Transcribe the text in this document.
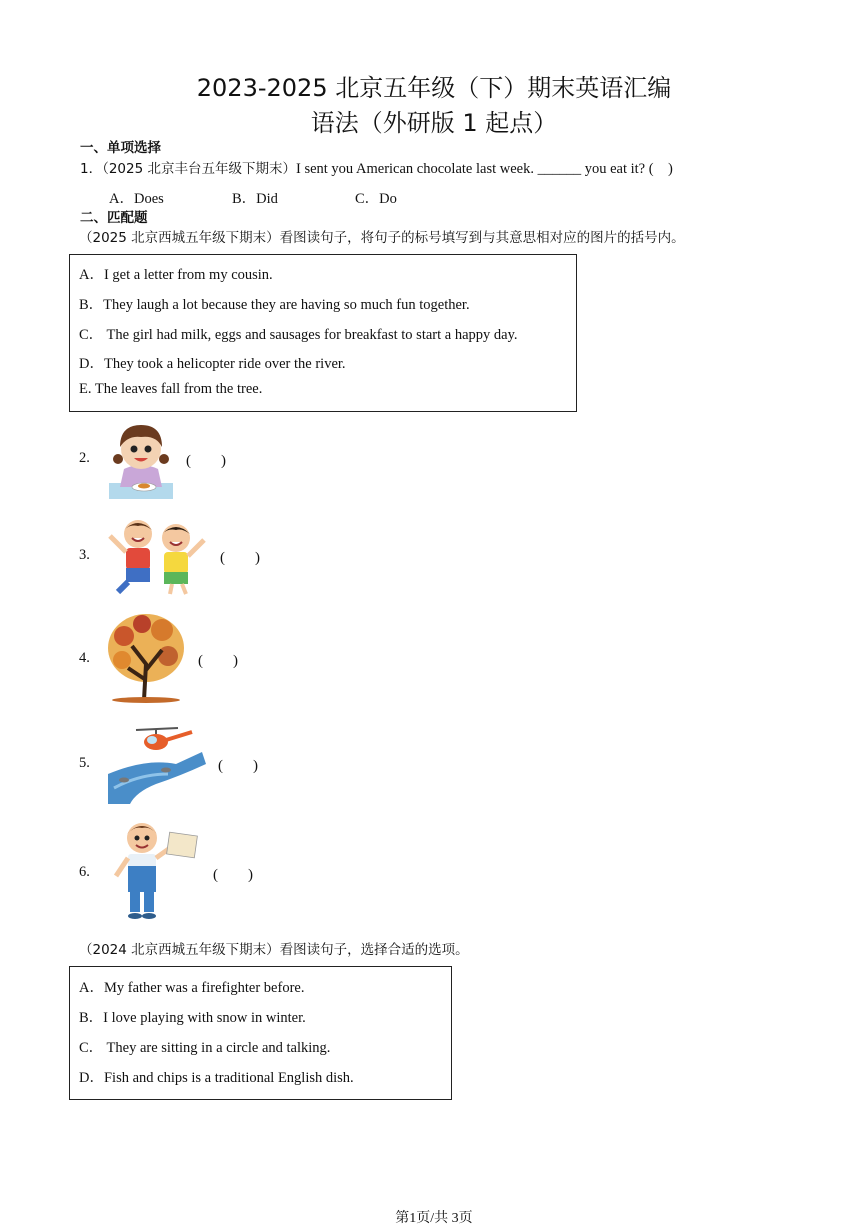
2023-2025 北京五年级（下）期末英语汇编
语法（外研版 1 起点）
一、单项选择
1．（2025 北京丰台五年级下期末）I sent you American chocolate last week. ______ you eat it? (　)
A．Does	B．Did	C．Do
二、匹配题
（2025 北京西城五年级下期末）看图读句子，将句子的标号填写到与其意思相对应的图片的括号内。
A．I get a letter from my cousin.
B．They laugh a lot because they are having so much fun together.
C． The girl had milk, eggs and sausages for breakfast to start a happy day.
D．They took a helicopter ride over the river.
E. The leaves fall from the tree.
2.	(　　)
3.	(　　)
4.	(　　)
5.	(　　)
6.	(　　)
（2024 北京西城五年级下期末）看图读句子，选择合适的选项。
A．My father was a firefighter before.
B．I love playing with snow in winter.
C． They are sitting in a circle and talking.
D．Fish and chips is a traditional English dish.
第1页/共 3页
